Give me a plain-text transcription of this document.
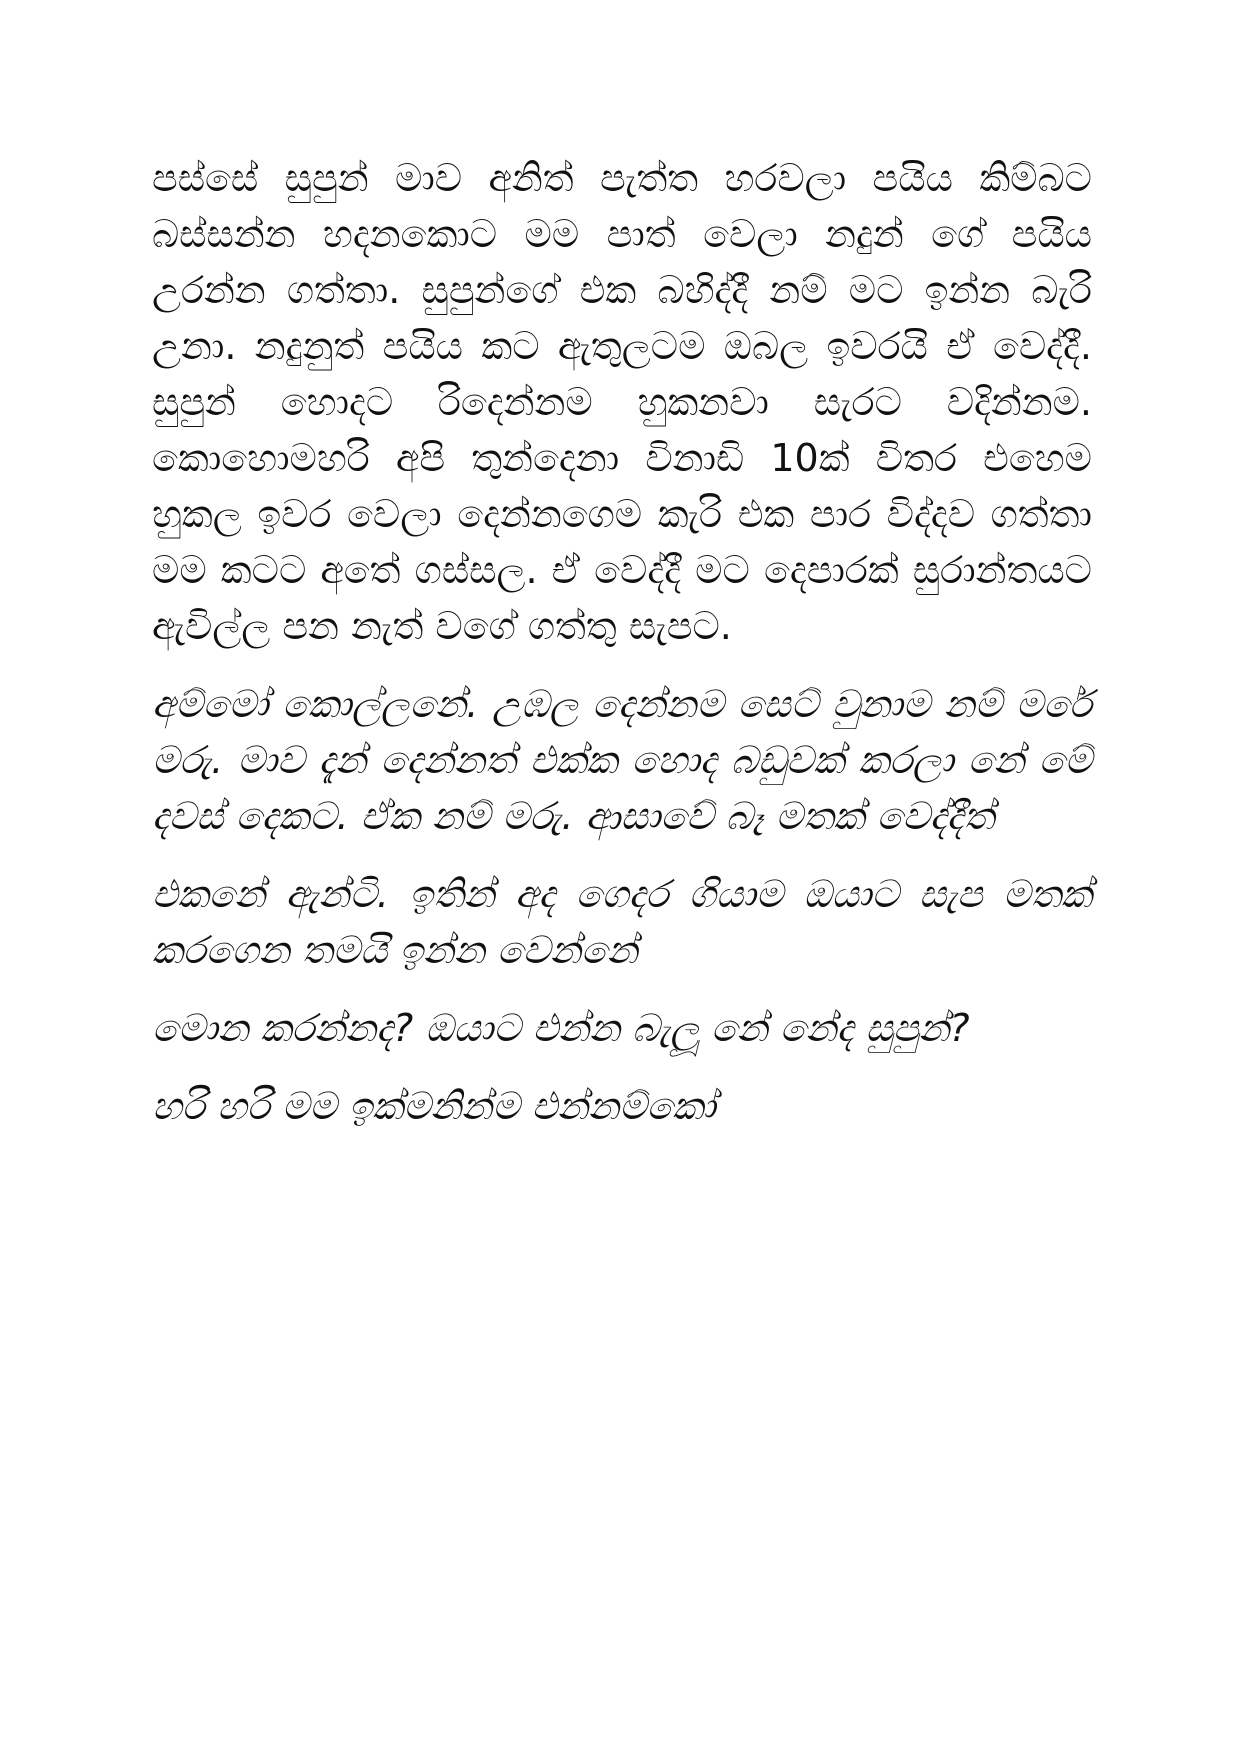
පස්සේ සුපුන් මාව අනිත් පැත්ත හරවලා පයිය කිම්බට බස්සන්න හදනකොට මම පාත් වෙලා නදුන් ගේ පයිය උරන්න ගත්තා. සුපුන්ගේ එක බහිද්දී නම් මට ඉන්න බැරි උනා. නදුනුත් පයිය කට ඇතුලටම ඔබල ඉවරයි ඒ වෙද්දී. සුපුන් හොදට රිදෙන්නම හුකනවා සැරට වදින්නම. කොහොමහරි අපි තුන්දෙනා විනාඩි 10ක් විතර එහෙම හුකල ඉවර වෙලා දෙන්නගෙම කැරි එක පාර විද්දව ගත්තා මම කටට අතේ ගස්සල. ඒ වෙද්දී මට දෙපාරක් සුරාන්තයට ඇවිල්ල පන නැත් වගේ ගත්තු සැපට.

අම්මෝ කොල්ලනේ. උඹල දෙන්නම සෙට් වුනාම නම් මරේ මරු. මාව දැන් දෙන්නත් එක්ක හොද බඩුවක් කරලා නේ මේ දවස් දෙකට. ඒක නම් මරු. ආසාවේ බෑ මතක් වෙද්දීත්

එකනේ ඇන්ටි. ඉතින් අද ගෙදර ගියාම ඔයාට සැප මතක් කරගෙන තමයි ඉන්න වෙන්නේ

මොන කරන්නද? ඔයාට එන්න බැලූ නේ නේද සුපුන්?

හරි හරි මම ඉක්මනින්ම එන්නම්කෝ
